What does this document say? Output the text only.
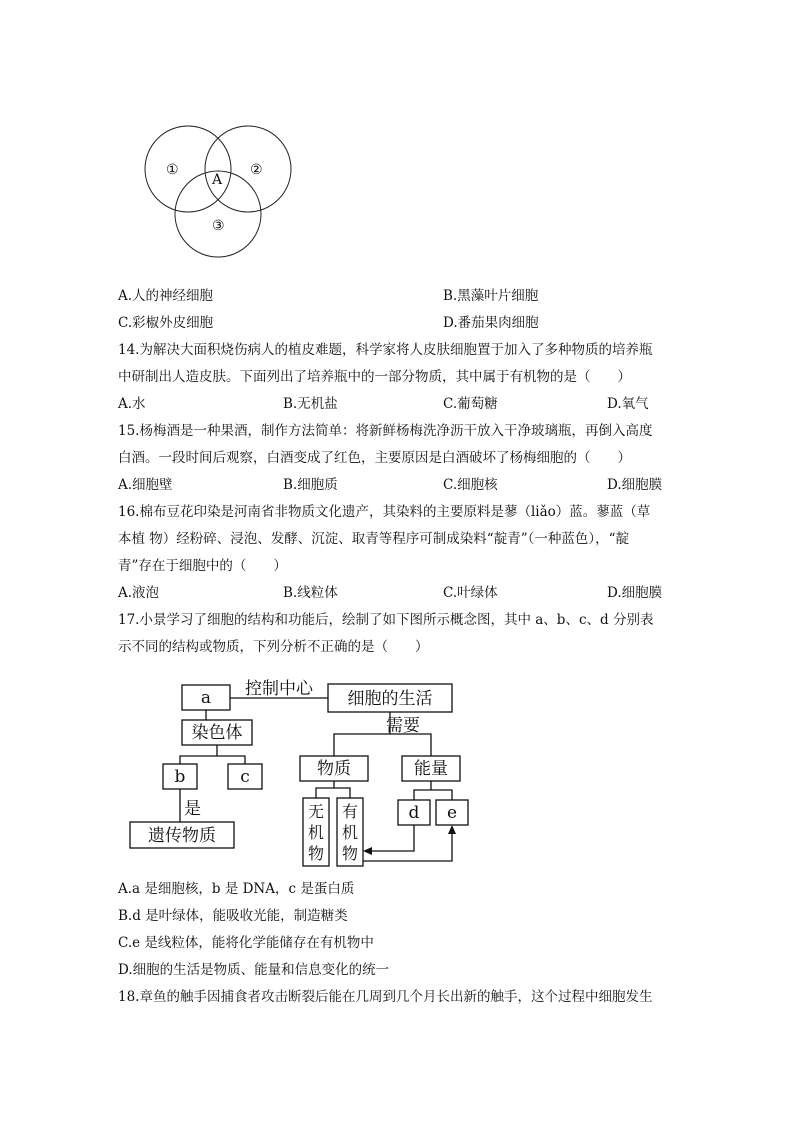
①	②
A
③
A.人的神经细胞	B.黑藻叶片细胞
C.彩椒外皮细胞	D.番茄果肉细胞
14.为解决大面积烧伤病人的植皮难题，科学家将人皮肤细胞置于加入了多种物质的培养瓶
中研制出人造皮肤。下面列出了培养瓶中的一部分物质，其中属于有机物的是（　　）
A.水	B.无机盐	C.葡萄糖	D.氧气
15.杨梅酒是一种果酒，制作方法简单：将新鲜杨梅洗净沥干放入干净玻璃瓶，再倒入高度
白酒。一段时间后观察，白酒变成了红色，主要原因是白酒破坏了杨梅细胞的（　　）
A.细胞壁	B.细胞质	C.细胞核	D.细胞膜
16.棉布豆花印染是河南省非物质文化遗产，其染料的主要原料是蓼（liǎo）蓝。蓼蓝（草
本植 物）经粉碎、浸泡、发酵、沉淀、取青等程序可制成染料“靛青”（一种蓝色），“靛
青”存在于细胞中的（　　）
A.液泡	B.线粒体	C.叶绿体	D.细胞膜
17.小景学习了细胞的结构和功能后，绘制了如下图所示概念图，其中 a、b、c、d 分别表
示不同的结构或物质，下列分析不正确的是（　　）
a 控制中心 细胞的生活
需要
染色体
b	c
是
遗传物质
物质	能量
无
机
物
有
机
物
d e
A.a 是细胞核，b 是 DNA，c 是蛋白质
B.d 是叶绿体，能吸收光能，制造糖类
C.e 是线粒体，能将化学能储存在有机物中
D.细胞的生活是物质、能量和信息变化的统一
18.章鱼的触手因捕食者攻击断裂后能在几周到几个月长出新的触手，这个过程中细胞发生
